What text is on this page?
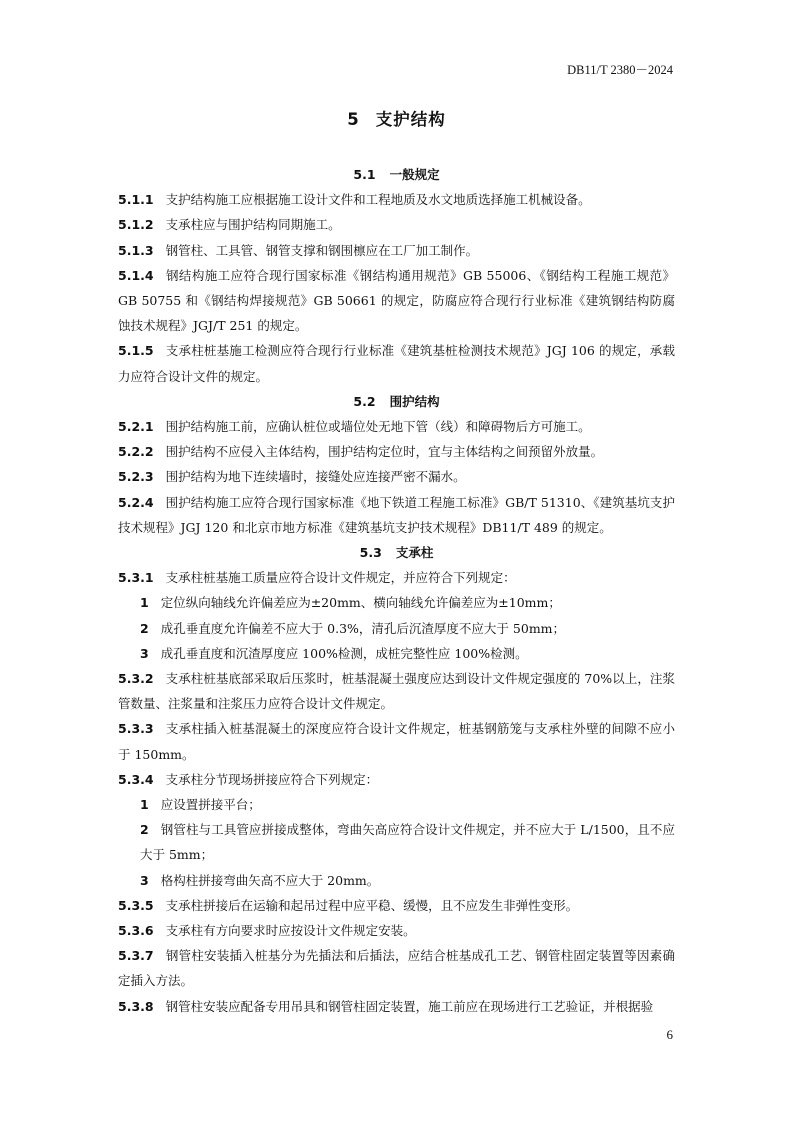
DB11/T 2380－2024
5 支护结构
5.1 一般规定
5.1.1 支护结构施工应根据施工设计文件和工程地质及水文地质选择施工机械设备。
5.1.2 支承柱应与围护结构同期施工。
5.1.3 钢管柱、工具管、钢管支撑和钢围檩应在工厂加工制作。
5.1.4 钢结构施工应符合现行国家标准《钢结构通用规范》GB 55006、《钢结构工程施工规范》GB 50755 和《钢结构焊接规范》GB 50661 的规定，防腐应符合现行行业标准《建筑钢结构防腐蚀技术规程》JGJ/T 251 的规定。
5.1.5 支承柱桩基施工检测应符合现行行业标准《建筑基桩检测技术规范》JGJ 106 的规定，承载力应符合设计文件的规定。
5.2 围护结构
5.2.1 围护结构施工前，应确认桩位或墙位处无地下管（线）和障碍物后方可施工。
5.2.2 围护结构不应侵入主体结构，围护结构定位时，宜与主体结构之间预留外放量。
5.2.3 围护结构为地下连续墙时，接缝处应连接严密不漏水。
5.2.4 围护结构施工应符合现行国家标准《地下铁道工程施工标准》GB/T 51310、《建筑基坑支护技术规程》JGJ 120 和北京市地方标准《建筑基坑支护技术规程》DB11/T 489 的规定。
5.3 支承柱
5.3.1 支承柱桩基施工质量应符合设计文件规定，并应符合下列规定：
1 定位纵向轴线允许偏差应为±20mm、横向轴线允许偏差应为±10mm；
2 成孔垂直度允许偏差不应大于 0.3%，清孔后沉渣厚度不应大于 50mm；
3 成孔垂直度和沉渣厚度应 100%检测，成桩完整性应 100%检测。
5.3.2 支承柱桩基底部采取后压浆时，桩基混凝土强度应达到设计文件规定强度的 70%以上，注浆管数量、注浆量和注浆压力应符合设计文件规定。
5.3.3 支承柱插入桩基混凝土的深度应符合设计文件规定，桩基钢筋笼与支承柱外壁的间隙不应小于 150mm。
5.3.4 支承柱分节现场拼接应符合下列规定：
1 应设置拼接平台；
2 钢管柱与工具管应拼接成整体，弯曲矢高应符合设计文件规定，并不应大于 L/1500，且不应大于 5mm；
3 格构柱拼接弯曲矢高不应大于 20mm。
5.3.5 支承柱拼接后在运输和起吊过程中应平稳、缓慢，且不应发生非弹性变形。
5.3.6 支承柱有方向要求时应按设计文件规定安装。
5.3.7 钢管柱安装插入桩基分为先插法和后插法，应结合桩基成孔工艺、钢管柱固定装置等因素确定插入方法。
5.3.8 钢管柱安装应配备专用吊具和钢管柱固定装置，施工前应在现场进行工艺验证，并根据验
6
